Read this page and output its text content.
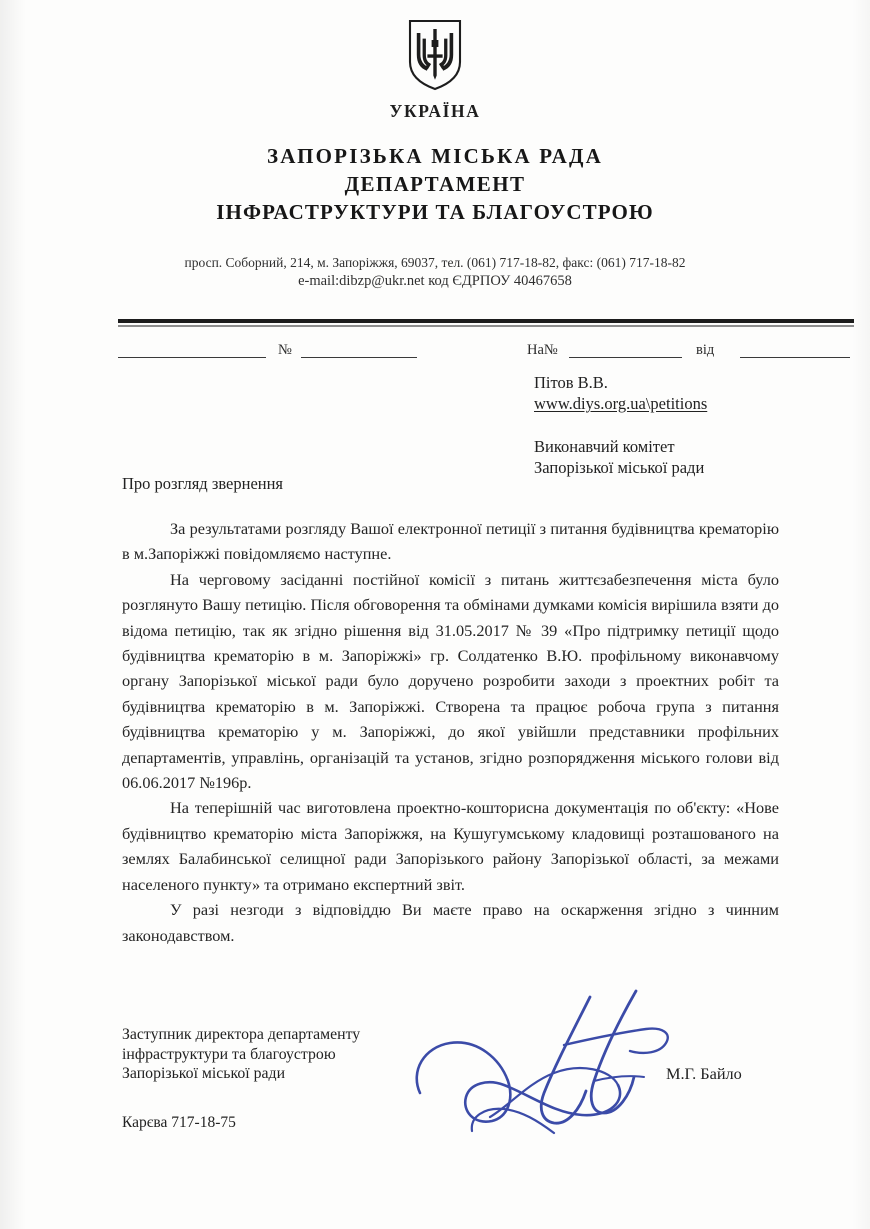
УКРАЇНА
ЗАПОРІЗЬКА МІСЬКА РАДА
ДЕПАРТАМЕНТ
ІНФРАСТРУКТУРИ ТА БЛАГОУСТРОЮ
просп. Соборний, 214, м. Запоріжжя, 69037, тел. (061) 717-18-82, факс: (061) 717-18-82
e-mail:dibzp@ukr.net код ЄДРПОУ 40467658
№	На№	від
Пітов В.В.
www.diys.org.ua\petitions
Виконавчий комітет
Запорізької міської ради
Про розгляд звернення

За результатами розгляду Вашої електронної петиції з питання будівництва крематорію в м.Запоріжжі повідомляємо наступне.

На черговому засіданні постійної комісії з питань життєзабезпечення міста було розглянуто Вашу петицію. Після обговорення та обмінами думками комісія вирішила взяти до відома петицію, так як згідно рішення від 31.05.2017 № 39 «Про підтримку петиції щодо будівництва крематорію в м. Запоріжжі» гр. Солдатенко В.Ю. профільному виконавчому органу Запорізької міської ради було доручено розробити заходи з проектних робіт та будівництва крематорію в м. Запоріжжі. Створена та працює робоча група з питання будівництва крематорію у м. Запоріжжі, до якої увійшли представники профільних департаментів, управлінь, організацій та установ, згідно розпорядження міського голови від 06.06.2017 №196р.

На теперішній час виготовлена проектно-кошторисна документація по об'єкту: «Нове будівництво крематорію міста Запоріжжя, на Кушугумському кладовищі розташованого на землях Балабинської селищної ради Запорізького району Запорізької області, за межами населеного пункту» та отримано експертний звіт.

У разі незгоди з відповіддю Ви маєте право на оскарження згідно з чинним законодавством.

Заступник директора департаменту
інфраструктури та благоустрою
Запорізької міської ради	М.Г. Байло
Карєва 717-18-75
